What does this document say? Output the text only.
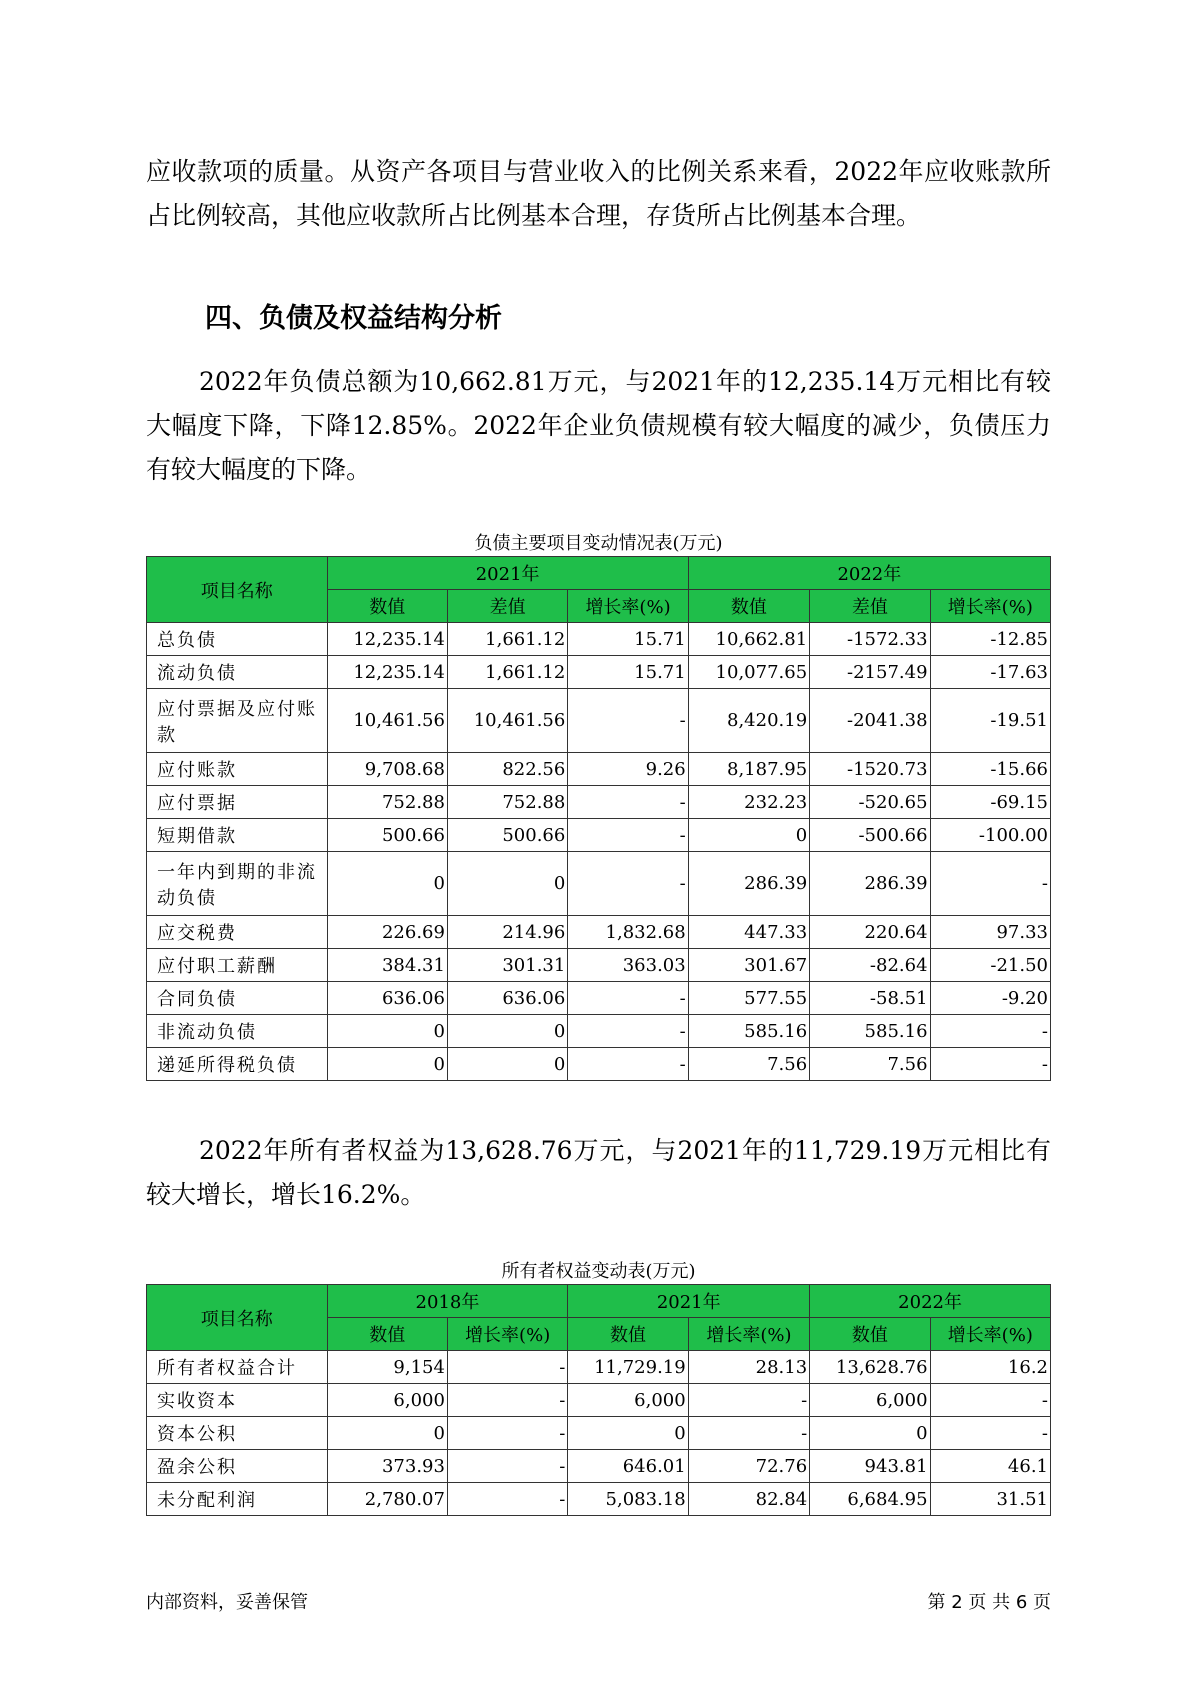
应收款项的质量。从资产各项目与营业收入的比例关系来看，2022年应收账款所占比例较高，其他应收款所占比例基本合理，存货所占比例基本合理。

四、负债及权益结构分析

2022年负债总额为10,662.81万元，与2021年的12,235.14万元相比有较大幅度下降，下降12.85%。2022年企业负债规模有较大幅度的减少，负债压力有较大幅度的下降。

负债主要项目变动情况表(万元)
项目名称	2021年			2022年		
	数值	差值	增长率(%)	数值	差值	增长率(%)
总负债	12,235.14	1,661.12	15.71	10,662.81	-1572.33	-12.85
流动负债	12,235.14	1,661.12	15.71	10,077.65	-2157.49	-17.63
应付票据及应付账款	10,461.56	10,461.56	-	8,420.19	-2041.38	-19.51
应付账款	9,708.68	822.56	9.26	8,187.95	-1520.73	-15.66
应付票据	752.88	752.88	-	232.23	-520.65	-69.15
短期借款	500.66	500.66	-	0	-500.66	-100.00
一年内到期的非流动负债	0	0	-	286.39	286.39	-
应交税费	226.69	214.96	1,832.68	447.33	220.64	97.33
应付职工薪酬	384.31	301.31	363.03	301.67	-82.64	-21.50
合同负债	636.06	636.06	-	577.55	-58.51	-9.20
非流动负债	0	0	-	585.16	585.16	-
递延所得税负债	0	0	-	7.56	7.56	-

2022年所有者权益为13,628.76万元，与2021年的11,729.19万元相比有较大增长，增长16.2%。

所有者权益变动表(万元)
项目名称	2018年		2021年		2022年	
	数值	增长率(%)	数值	增长率(%)	数值	增长率(%)
所有者权益合计	9,154	-	11,729.19	28.13	13,628.76	16.2
实收资本	6,000	-	6,000	-	6,000	-
资本公积	0	-	0	-	0	-
盈余公积	373.93	-	646.01	72.76	943.81	46.1
未分配利润	2,780.07	-	5,083.18	82.84	6,684.95	31.51
内部资料，妥善保管	第 2 页 共 6 页
